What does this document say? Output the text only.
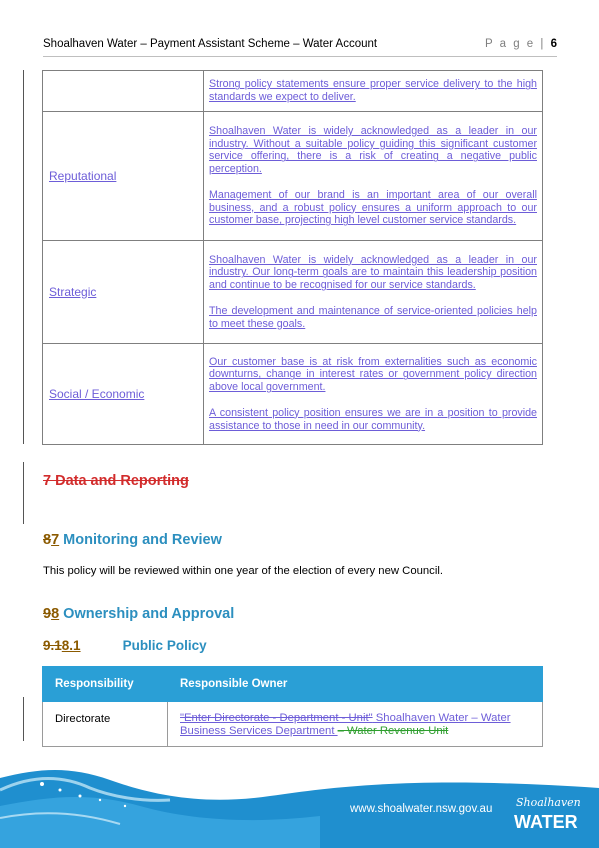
Shoalhaven Water – Payment Assistant Scheme – Water Account	P a g e | 6

	Strong policy statements ensure proper service delivery to the high standards we expect to deliver.

Reputational	Shoalhaven Water is widely acknowledged as a leader in our industry. Without a suitable policy guiding this significant customer service offering, there is a risk of creating a negative public perception.

Management of our brand is an important area of our overall business, and a robust policy ensures a uniform approach to our customer base, projecting high level customer service standards.

Strategic	Shoalhaven Water is widely acknowledged as a leader in our industry. Our long-term goals are to maintain this leadership position and continue to be recognised for our service standards.

The development and maintenance of service-oriented policies help to meet these goals.

Social / Economic	Our customer base is at risk from externalities such as economic downturns, change in interest rates or government policy direction above local government.

A consistent policy position ensures we are in a position to provide assistance to those in need in our community.

7 Data and Reporting
87 Monitoring and Review
This policy will be reviewed within one year of the election of every new Council.
98 Ownership and Approval
9.18.1	Public Policy
Responsibility	Responsible Owner
Directorate	"Enter Directorate - Department - Unit" Shoalhaven Water – Water Business Services Department – Water Revenue Unit
www.shoalwater.nsw.gov.au Shoalhaven
WATER
